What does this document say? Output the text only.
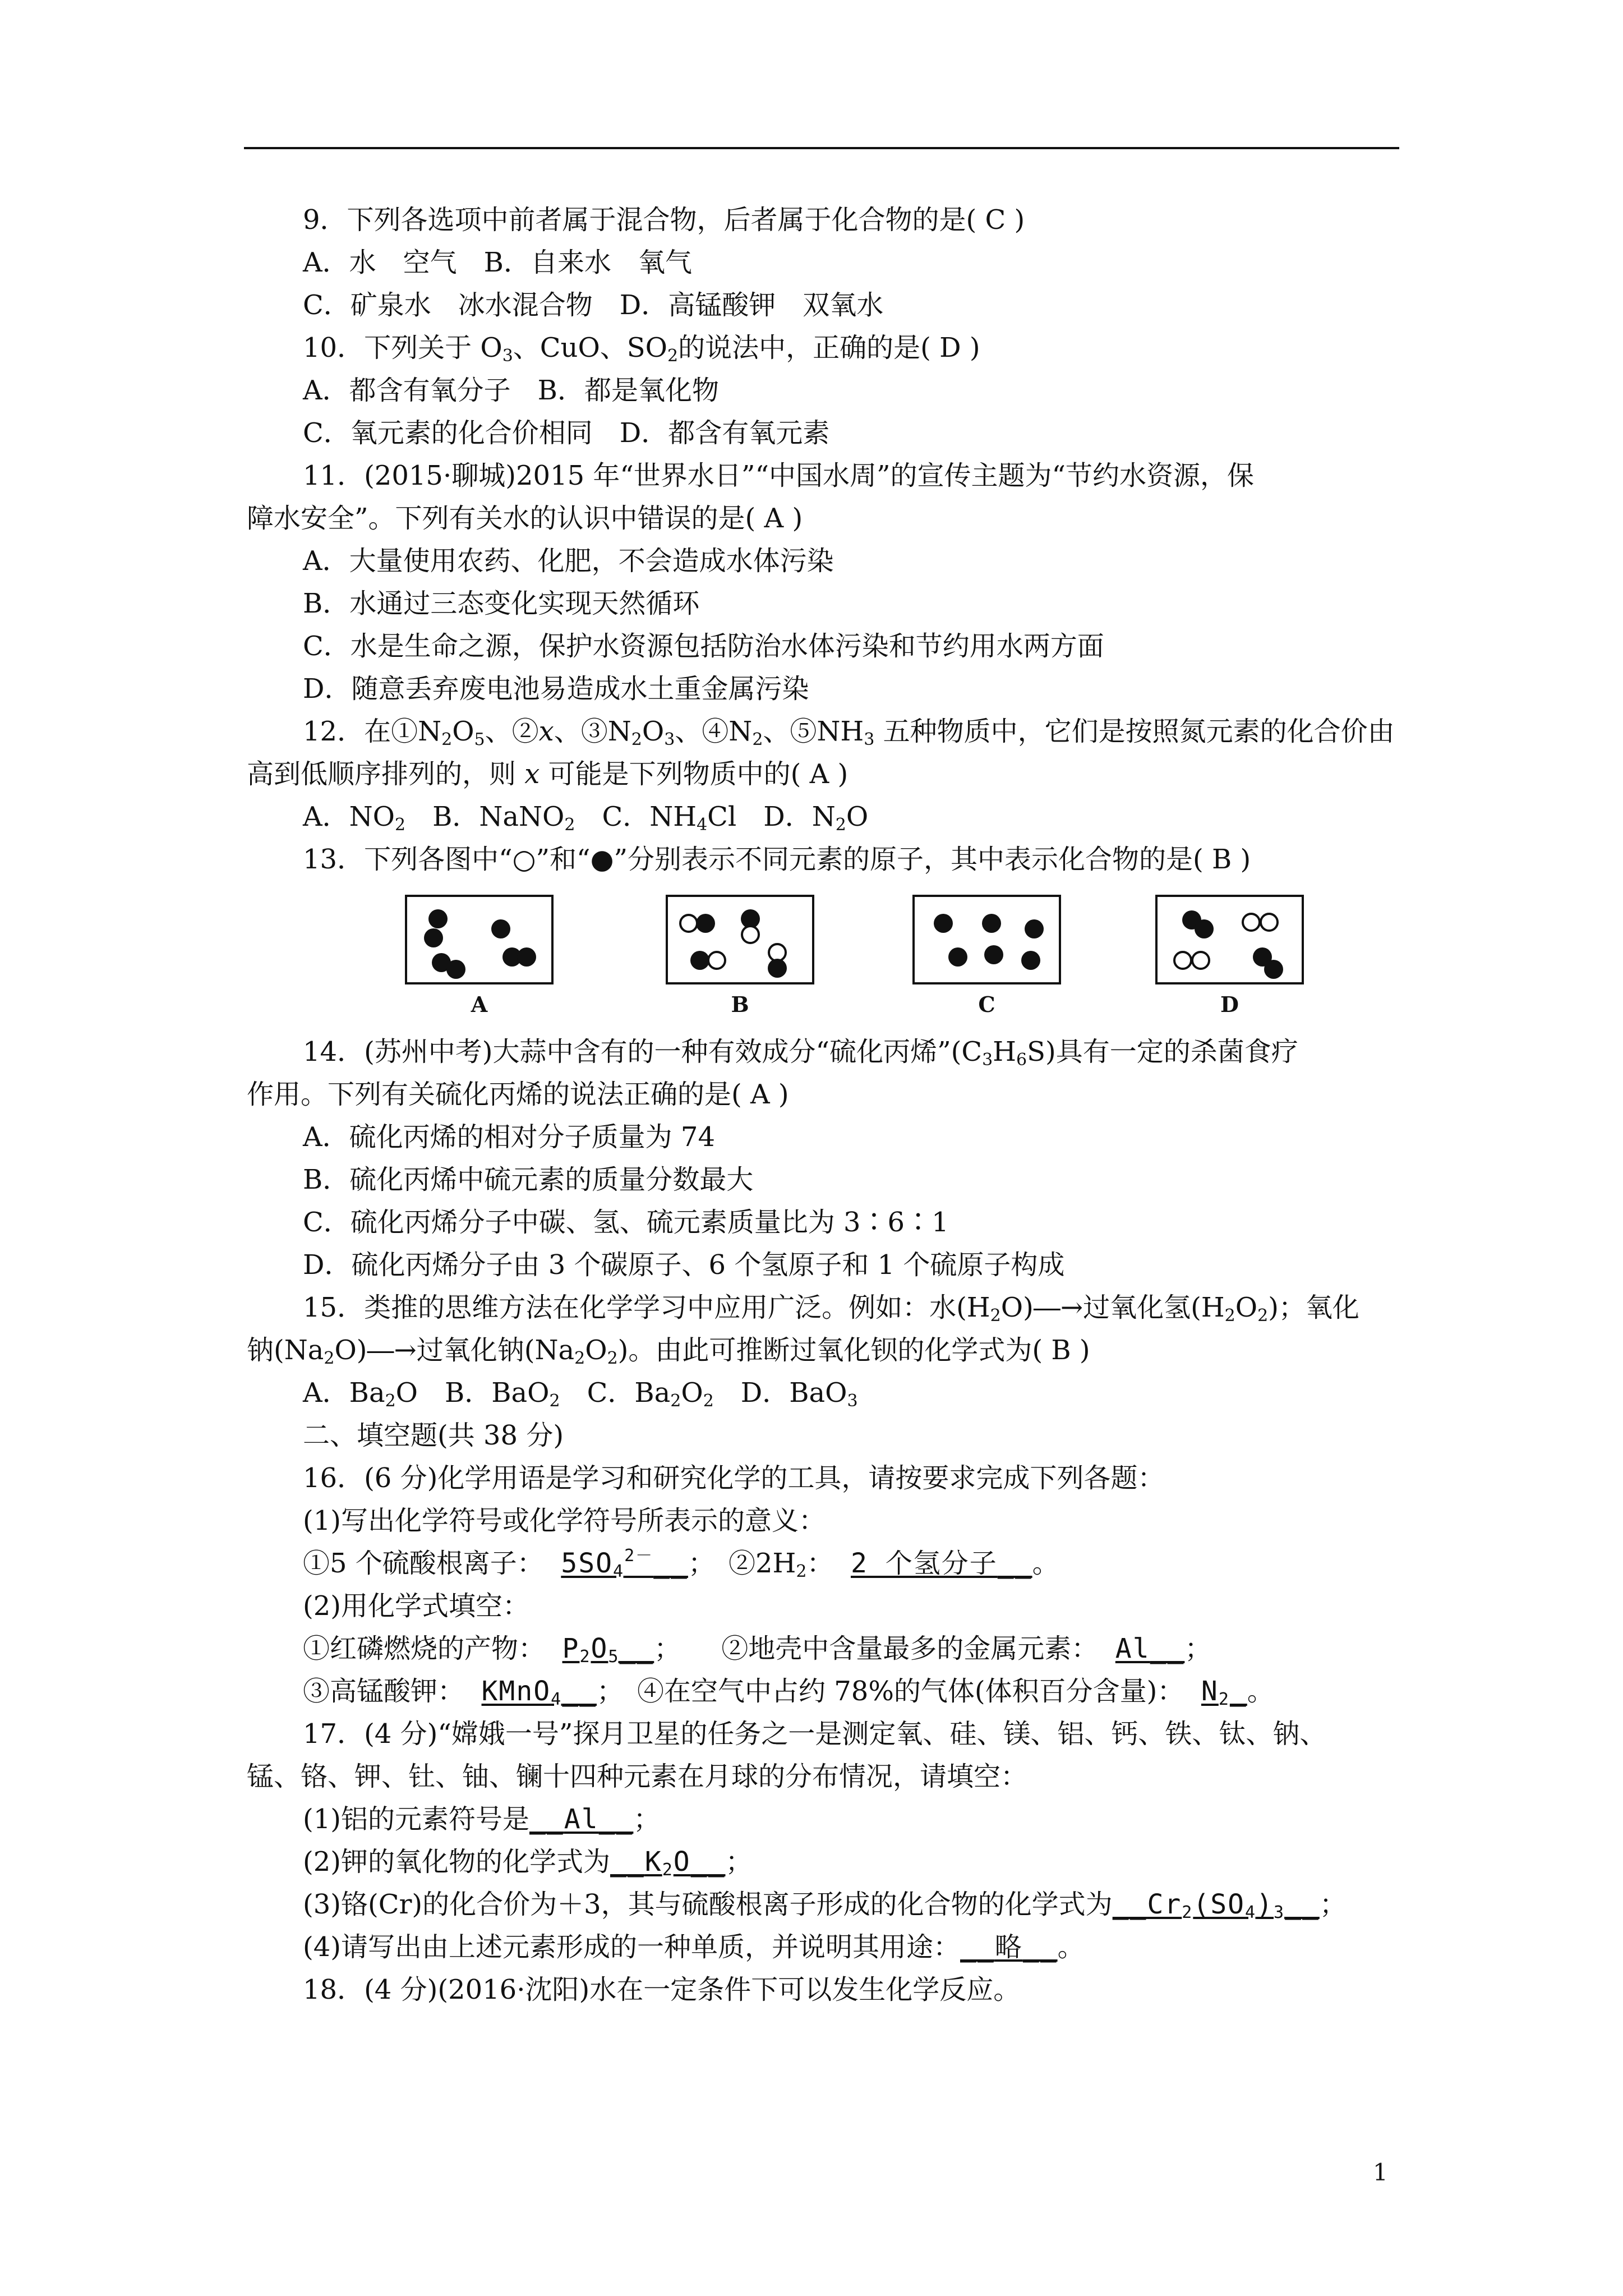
9．下列各选项中前者属于混合物，后者属于化合物的是( C )
A．水　空气　B．自来水　氧气
C．矿泉水　冰水混合物　D．高锰酸钾　双氧水
10．下列关于 $O_3$、CuO、$SO_2$的说法中，正确的是( D )
A．都含有氧分子　B．都是氧化物
C．氧元素的化合价相同　D．都含有氧元素
11．(2015·聊城)2015 年“世界水日”“中国水周”的宣传主题为“节约水资源，保
障水安全”。下列有关水的认识中错误的是( A )
A．大量使用农药、化肥，不会造成水体污染
B．水通过三态变化实现天然循环
C．水是生命之源，保护水资源包括防治水体污染和节约用水两方面
D．随意丢弃废电池易造成水土重金属污染
12．在$①N_2O_5$、②x、$③N_2O_3$、$④N_2$、$⑤NH_3$ 五种物质中，它们是按照氮元素的化合价由
高到低顺序排列的，则 x 可能是下列物质中的( A )
A．$NO_2$　B．NaNO$_2$　C．$NH_4Cl$　D．$N_2O$
13．下列各图中“○”和“●”分别表示不同元素的原子，其中表示化合物的是( B )
A	B	C	D
14．(苏州中考)大蒜中含有的一种有效成分“硫化丙烯$”(C_3H_6S)$具有一定的杀菌食疗
作用。下列有关硫化丙烯的说法正确的是( A )
A．硫化丙烯的相对分子质量为 74
B．硫化丙烯中硫元素的质量分数最大
C．硫化丙烯分子中碳、氢、硫元素质量比为 3∶6∶1
D．硫化丙烯分子由 3 个碳原子、6 个氢原子和 1 个硫原子构成
15．类推的思维方法在化学学习中应用广泛。例如：水$(H_2O)―\to$过氧化氢$(H_2O_2)$；氧化
钠$(Na_2O)―\to$过氧化钠$(Na_2O_2)$。由此可推断过氧化钡的化学式为( B )
A．$Ba_2O$　B．BaO$_2$　C．$Ba_2O_2$　D．BaO$_3$
二、填空题(共 38 分)
16．(6 分)化学用语是学习和研究化学的工具，请按要求完成下列各题：
(1)写出化学符号或化学符号所表示的意义：
①5 个硫酸根离子： $5SO_4^{2-}\_\_$；　$②2H_2$： 2 个氢分子__。
(2)用化学式填空：
①红磷燃烧的产物： $P_2O_5\_\_$；　　②地壳中含量最多的金属元素： Al__；
③高锰酸钾： KMnO$_4$__；　④在空气中占约 78%的气体(体积百分含量)： $N_2\_$。
17．(4 分)“嫦娥一号”探月卫星的任务之一是测定氧、硅、镁、铝、钙、铁、钛、钠、
锰、铬、钾、钍、铀、镧十四种元素在月球的分布情况，请填空：
(1)铝的元素符号是__Al__；
(2)钾的氧化物的化学式为$\_\_K_2O\_\_$；
(3)铬(Cr)的化合价为＋3，其与硫酸根离子形成的化合物的化学式为$\_\_Cr_2(SO_4)_3\_\_$；
(4)请写出由上述元素形成的一种单质，并说明其用途：__略__。
18．(4 分)(2016·沈阳)水在一定条件下可以发生化学反应。
1
